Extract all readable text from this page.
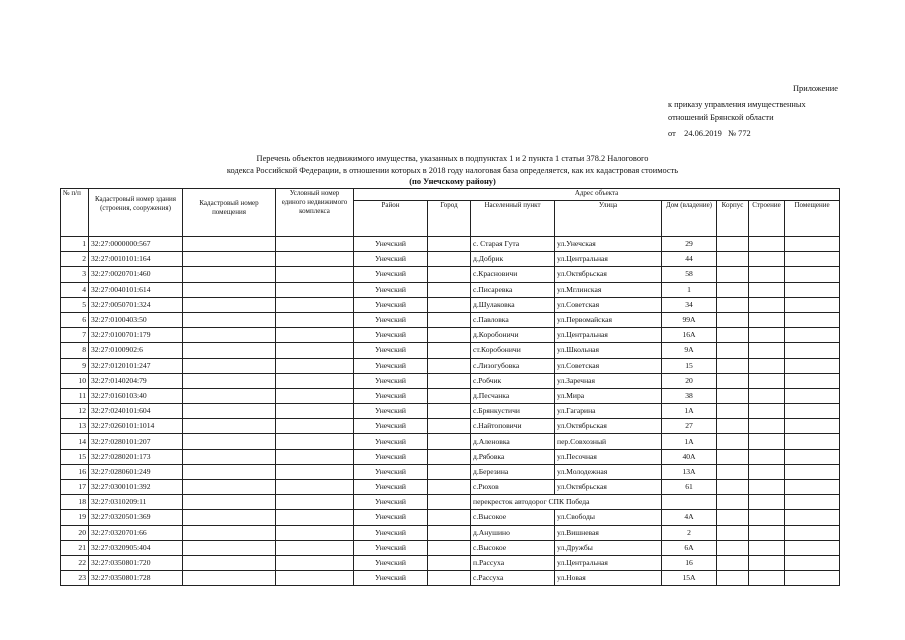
Приложение
к приказу управления имущественных
отношений Брянской области
от 24.06.2019 № 772
Перечень объектов недвижимого имущества, указанных в подпунктах 1 и 2 пункта 1 статьи 378.2 Налогового
кодекса Российской Федерации, в отношении которых в 2018 году налоговая база определяется, как их кадастровая стоимость
(по Унечскому району)
№ п/п	Кадастровый номер здания (строения, сооружения)	Кадастровый номер помещения	Условный номер единого недвижимого комплекса	Адрес объекта							
				Район	Город	Населенный пункт	Улица	Дом (владение)	Корпус	Строение	Помещение
1	32:27:0000000:567			Унечский		с. Старая Гута	ул.Унечская	29			
2	32:27:0010101:164			Унечский		д.Добрик	ул.Центральная	44			
3	32:27:0020701:460			Унечский		с.Красновичи	ул.Октябрьская	58			
4	32:27:0040101:614			Унечский		с.Писаревка	ул.Мглинская	1			
5	32:27:0050701:324			Унечский		д.Шулаковка	ул.Советская	34			
6	32:27:0100403:50			Унечский		с.Павловка	ул.Первомайская	99А			
7	32:27:0100701:179			Унечский		д.Коробоничи	ул.Центральная	16А			
8	32:27:0100902:6			Унечский		ст.Коробоничи	ул.Школьная	9А			
9	32:27:0120101:247			Унечский		с.Лизогубовка	ул.Советская	15			
10	32:27:0140204:79			Унечский		с.Робчик	ул.Заречная	20			
11	32:27:0160103:40			Унечский		д.Песчанка	ул.Мира	38			
12	32:27:0240101:604			Унечский		с.Брянкустичи	ул.Гагарина	1А			
13	32:27:0260101:1014			Унечский		с.Найтоповичи	ул.Октябрьская	27			
14	32:27:0280101:207			Унечский		д.Аленовка	пер.Совхозный	1А			
15	32:27:0280201:173			Унечский		д.Рябовка	ул.Песочная	40А			
16	32:27:0280601:249			Унечский		д.Березина	ул.Молодежная	13А			
17	32:27:0300101:392			Унечский		с.Рюхов	ул.Октябрьская	61			
18	32:27:0310209:11			Унечский		перекресток автодорог СПК Победа					
19	32:27:0320501:369			Унечский		с.Высокое	ул.Свободы	4А			
20	32:27:0320701:66			Унечский		д.Анушино	ул.Вишневая	2			
21	32:27:0320905:404			Унечский		с.Высокое	ул.Дружбы	6А			
22	32:27:0350801:720			Унечский		п.Рассуха	ул.Центральная	16			
23	32:27:0350801:728			Унечский		с.Рассуха	ул.Новая	15А			
